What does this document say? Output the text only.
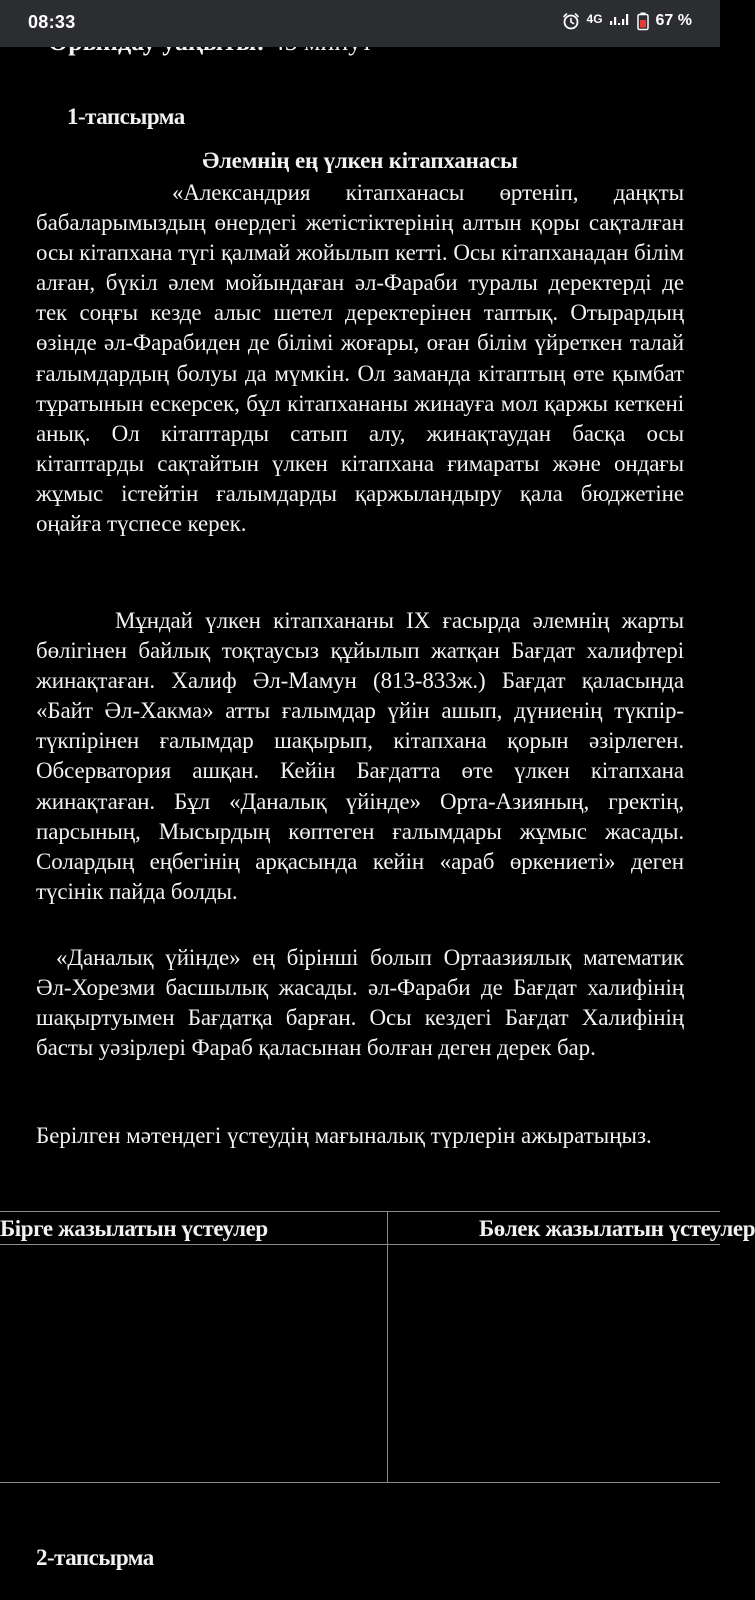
1-тапсырма
Әлемнің ең үлкен кітапханасы

«Александрия кітапханасы өртеніп, даңқты бабаларымыздың өнердегі жетістіктерінің алтын қоры сақталған осы кітапхана түгі қалмай жойылып кетті. Осы кітапханадан білім алған, бүкіл әлем мойындаған әл-Фараби туралы деректерді де тек соңғы кезде алыс шетел деректерінен таптық. Отырардың өзінде әл-Фарабиден де білімі жоғары, оған білім үйреткен талай ғалымдардың болуы да мүмкін. Ол заманда кітаптың өте қымбат тұратынын ескерсек, бұл кітапхананы жинауға мол қаржы кеткені анық. Ол кітаптарды сатып алу, жинақтаудан басқа осы кітаптарды сақтайтын үлкен кітапхана ғимараты және ондағы жұмыс істейтін ғалымдарды қаржыландыру қала бюджетіне оңайға түспесе керек.

Мұндай үлкен кітапхананы IX ғасырда әлемнің жарты бөлігінен байлық тоқтаусыз құйылып жатқан Бағдат халифтері жинақтаған. Халиф Әл-Мамун (813-833ж.) Бағдат қаласында «Байт Әл-Хакма» атты ғалымдар үйін ашып, дүниенің түкпір-түкпірінен ғалымдар шақырып, кітапхана қорын әзірлеген. Обсерватория ашқан. Кейін Бағдатта өте үлкен кітапхана жинақтаған. Бұл «Даналық үйінде» Орта-Азияның, гректің, парсының, Мысырдың көптеген ғалымдары жұмыс жасады. Солардың еңбегінің арқасында кейін «араб өркениеті» деген түсінік пайда болды.

«Даналық үйінде» ең бірінші болып Ортаазиялық математик Әл-Хорезми басшылық жасады. әл-Фараби де Бағдат халифінің шақыртуымен Бағдатқа барған. Осы кездегі Бағдат Халифінің басты уәзірлері Фараб қаласынан болған деген дерек бар.

Берілген мәтендегі үстеудің мағыналық түрлерін ажыратыңыз.

Бірге жазылатын үстеулер	Бөлек жазылатын үстеулер
2-тапсырма
08:33	4G	67 %
